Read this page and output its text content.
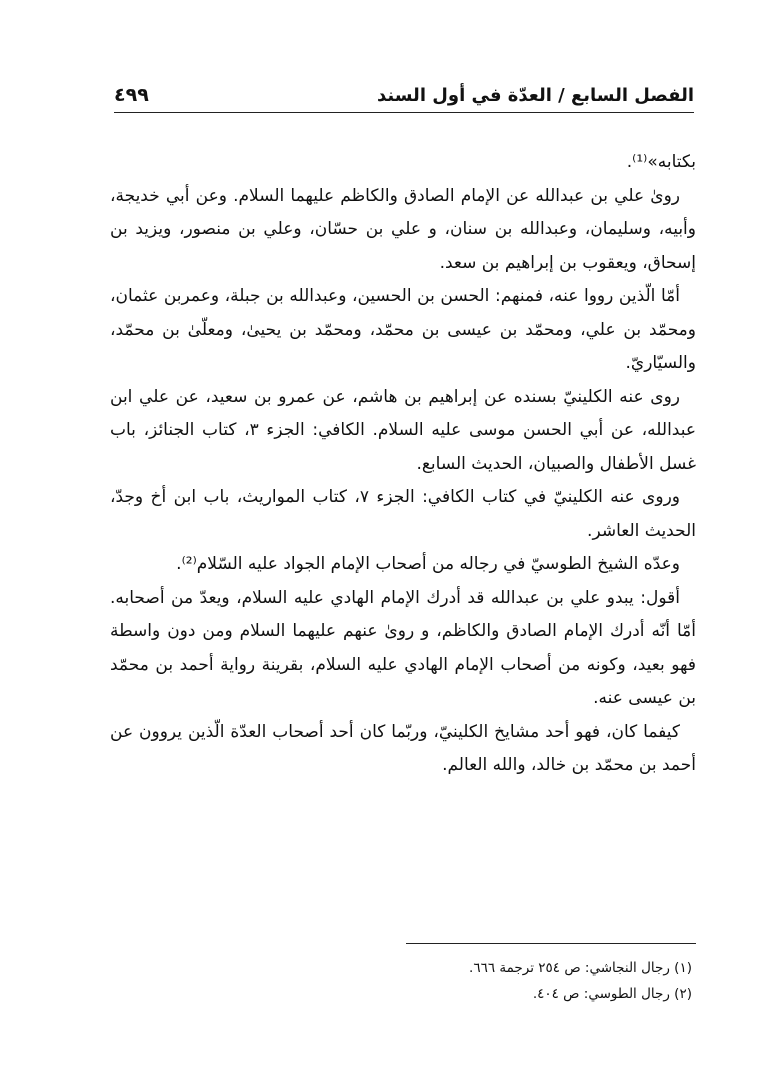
الفصل السابع / العدّة في أول السند
٤٩٩

بكتابه»⁽¹⁾.

روىٰ علي بن عبدالله عن الإمام الصادق والكاظم عليهما السلام. وعن أبي خديجة، وأبيه، وسليمان، وعبدالله بن سنان، و علي بن حسّان، وعلي بن منصور، ويزيد بن إسحاق، ويعقوب بن إبراهيم بن سعد.

أمّا الّذين رووا عنه، فمنهم: الحسن بن الحسين، وعبدالله بن جبلة، وعمربن عثمان، ومحمّد بن علي، ومحمّد بن عيسى بن محمّد، ومحمّد بن يحيىٰ، ومعلّىٰ بن محمّد، والسيّاريّ.

روى عنه الكلينيّ بسنده عن إبراهيم بن هاشم، عن عمرو بن سعيد، عن علي ابن عبدالله، عن أبي الحسن موسى عليه السلام. الكافي: الجزء ٣، كتاب الجنائز، باب غسل الأطفال والصبيان، الحديث السابع.

وروى عنه الكلينيّ في كتاب الكافي: الجزء ٧، كتاب المواريث، باب ابن أخ وجدّ، الحديث العاشر.

وعدّه الشيخ الطوسيّ في رجاله من أصحاب الإمام الجواد عليه السّلام⁽²⁾.

أقول: يبدو علي بن عبدالله قد أدرك الإمام الهادي عليه السلام، ويعدّ من أصحابه. أمّا أنّه أدرك الإمام الصادق والكاظم، و روىٰ عنهم عليهما السلام ومن دون واسطة فهو بعيد، وكونه من أصحاب الإمام الهادي عليه السلام، بقرينة رواية أحمد بن محمّد بن عيسى عنه.

كيفما كان، فهو أحد مشايخ الكلينيّ، وربّما كان أحد أصحاب العدّة الّذين يروون عن أحمد بن محمّد بن خالد، والله العالم.

(١) رجال النجاشي: ص ٢٥٤ ترجمة ٦٦٦.
(٢) رجال الطوسي: ص ٤٠٤.
